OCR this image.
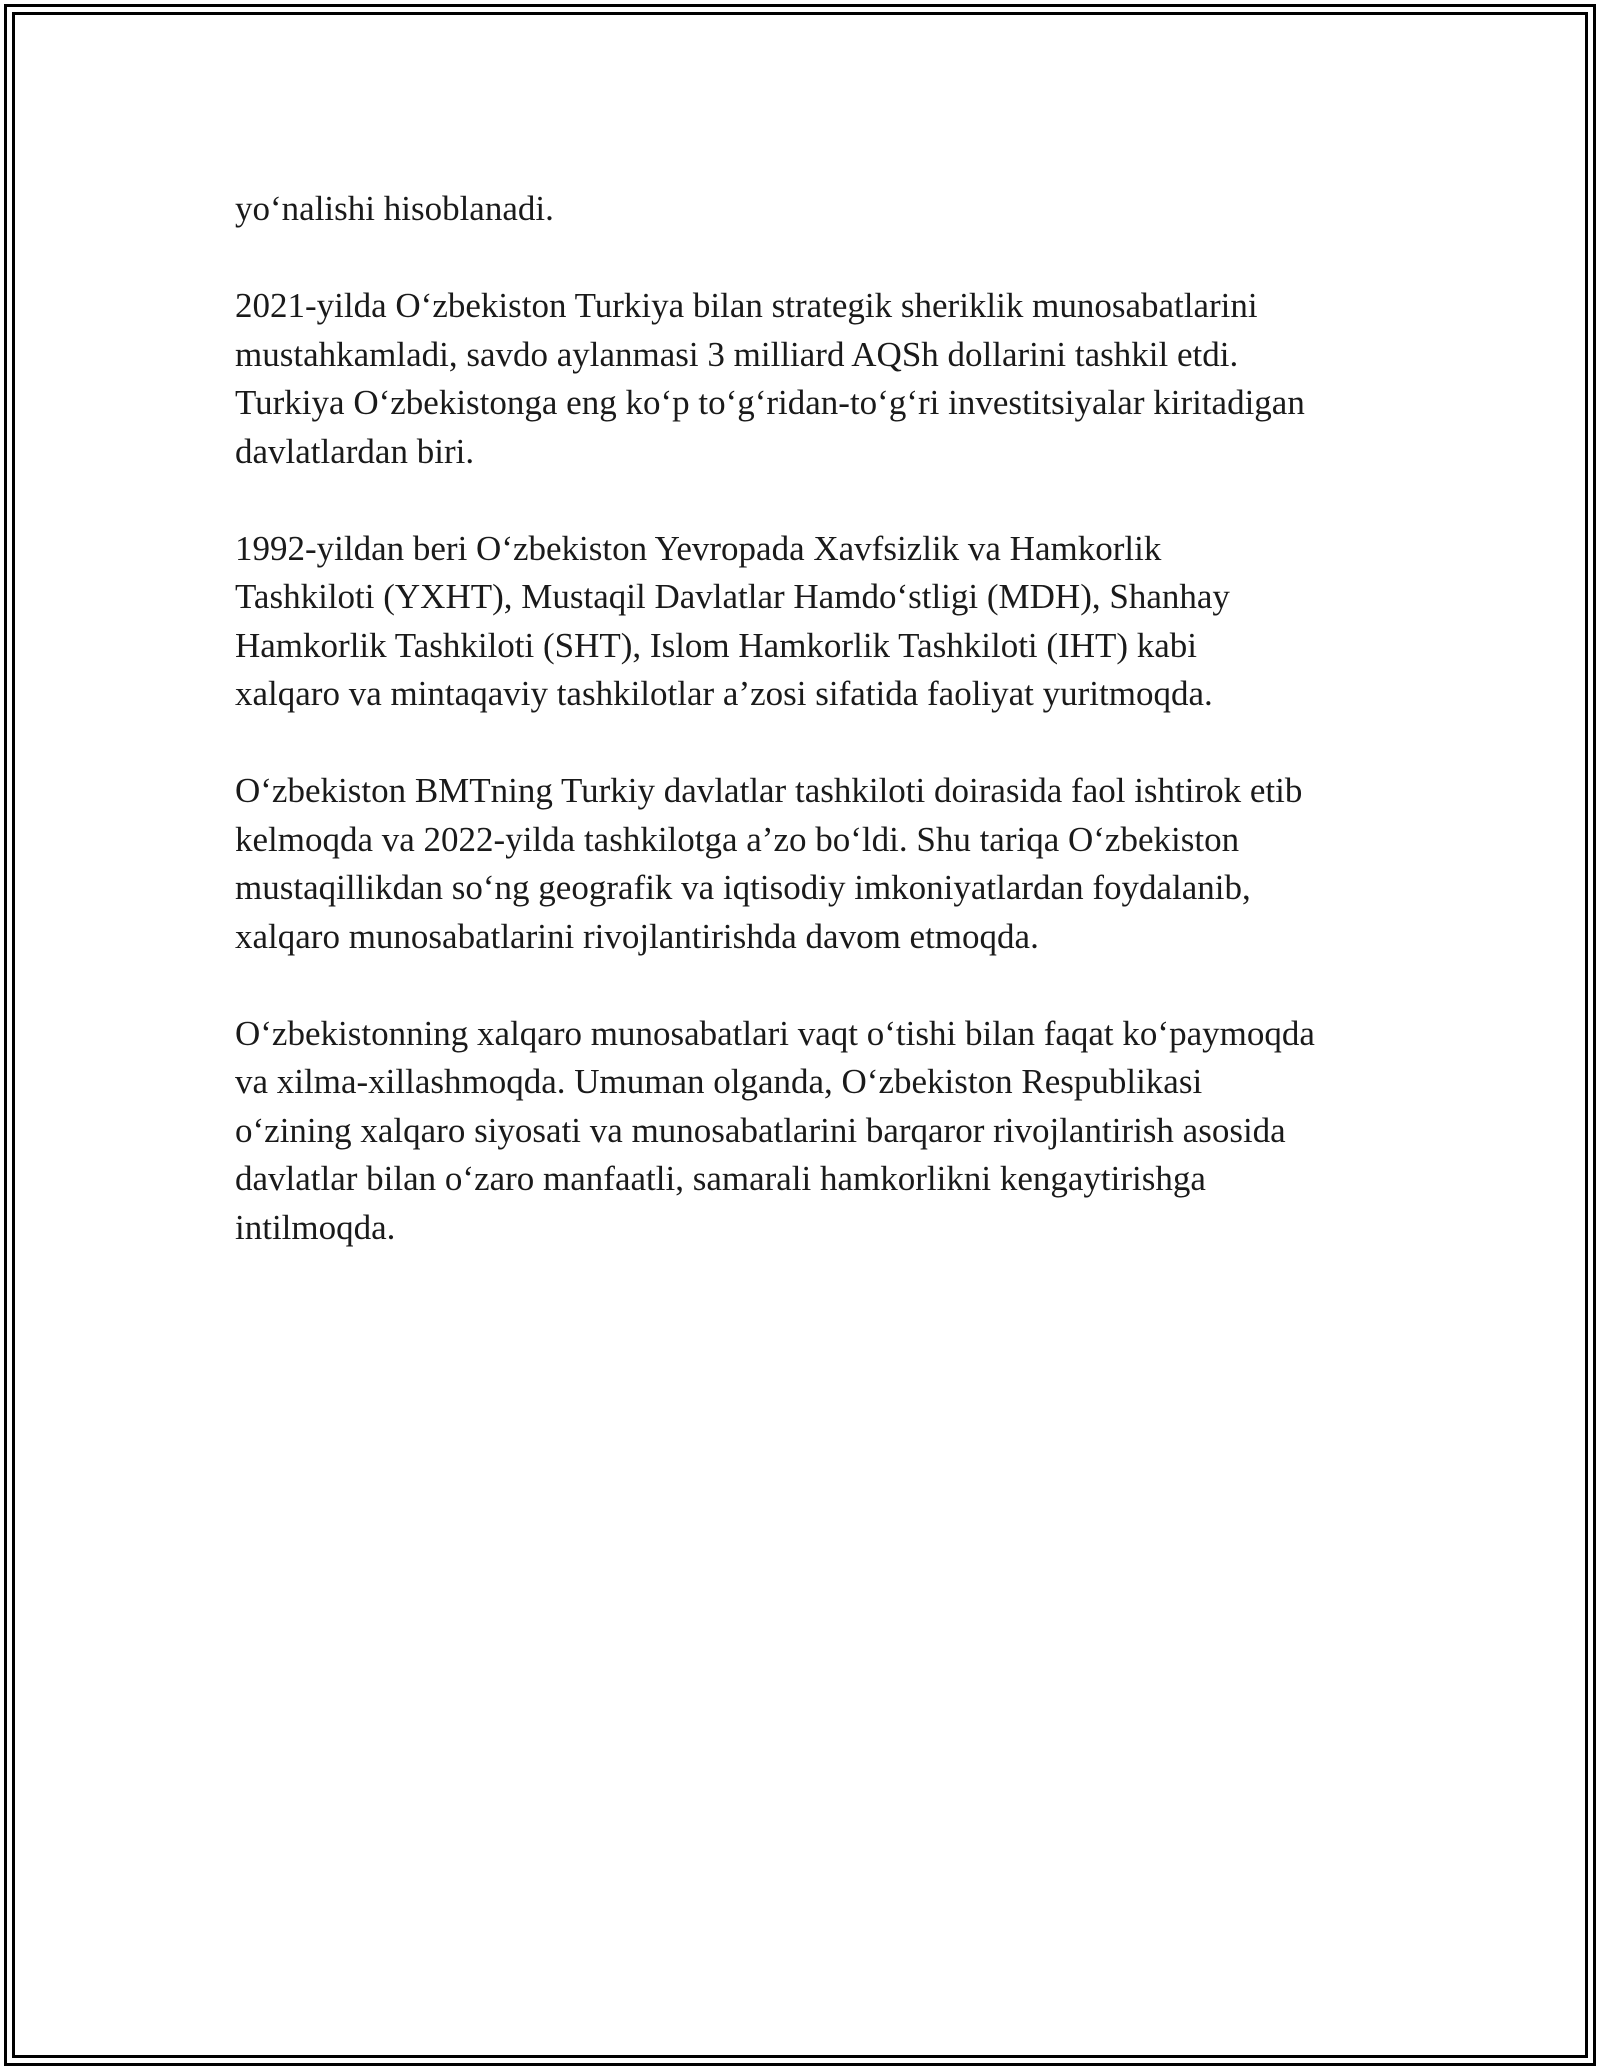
yo‘nalishi hisoblanadi.

2021-yilda O‘zbekiston Turkiya bilan strategik sheriklik munosabatlarini
mustahkamladi, savdo aylanmasi 3 milliard AQSh dollarini tashkil etdi.
Turkiya O‘zbekistonga eng ko‘p to‘g‘ridan-to‘g‘ri investitsiyalar kiritadigan
davlatlardan biri.

1992-yildan beri O‘zbekiston Yevropada Xavfsizlik va Hamkorlik
Tashkiloti (YXHT), Mustaqil Davlatlar Hamdo‘stligi (MDH), Shanhay
Hamkorlik Tashkiloti (SHT), Islom Hamkorlik Tashkiloti (IHT) kabi
xalqaro va mintaqaviy tashkilotlar a’zosi sifatida faoliyat yuritmoqda.

O‘zbekiston BMTning Turkiy davlatlar tashkiloti doirasida faol ishtirok etib
kelmoqda va 2022-yilda tashkilotga a’zo bo‘ldi. Shu tariqa O‘zbekiston
mustaqillikdan so‘ng geografik va iqtisodiy imkoniyatlardan foydalanib,
xalqaro munosabatlarini rivojlantirishda davom etmoqda.

O‘zbekistonning xalqaro munosabatlari vaqt o‘tishi bilan faqat ko‘paymoqda
va xilma-xillashmoqda. Umuman olganda, O‘zbekiston Respublikasi
o‘zining xalqaro siyosati va munosabatlarini barqaror rivojlantirish asosida
davlatlar bilan o‘zaro manfaatli, samarali hamkorlikni kengaytirishga
intilmoqda.
